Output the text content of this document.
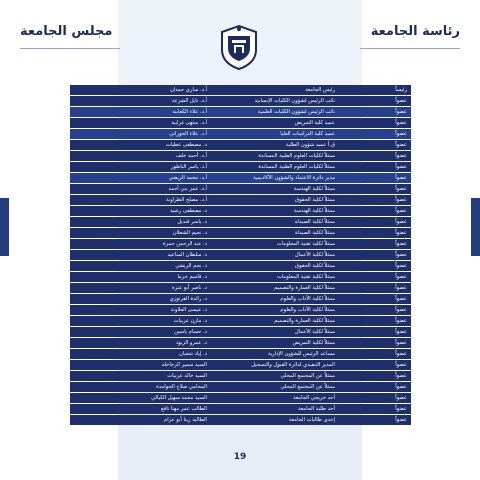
رئاسة الجامعة
مجلس الجامعة
أ.د. ساري حمدان	رئيس الجامعة	رئيساً
أ.د. نايل الشرعة	نائب الرئيس لشؤون الكليات الإنسانية	عضواً
أ.د. علاء الكعابنة	نائب الرئيس لشؤون الكليات العلمية	عضواً
أ.د. منتهى غرايبة	عميد كلية التمريض	عضواً
أ.د. علاء الحوراني	عميد كلية الدراسات العليا	عضواً
د. مصطفى عطيات	ق.أ عميد شؤون الطلبة	عضواً
أ.د. أحمد خلف	ممثلاً لكليات العلوم الطبية المساندة	عضواً
أ.د. ياسر الناطور	ممثلاً لكليات العلوم الطبية المساندة	عضواً
أ.د. محمد الريضي	مدير دائرة الاعتماد والشؤون الأكاديمية	عضواً
أ.د. عمر بني أحمد	ممثلاً لكلية الهندسة	عضواً
أ.د. مصلح الطراونة	ممثلاً لكلية الحقوق	عضواً
د. مصطفى رشيد	ممثلاً لكلية الهندسة	عضواً
د. ياسر قنديل	ممثلاً لكلية الصيدلة	عضواً
د. نجيم الشعلان	ممثلاً لكلية الصيدلة	عضواً
د. عبد الرحمن حمزة	ممثلاً لكلية تقنية المعلومات	عضواً
د. سلطان المناعيد	ممثلاً لكلية الأعمال	عضواً
د. نجم الريشي	ممثلاً لكلية الحقوق	عضواً
د. قاسم خرما	ممثلاً لكلية تقنية المعلومات	عضواً
د. ناصر أبو عنزة	ممثلاً لكلية العمارة والتصميم	عضواً
د. رائدة الفرتوزي	ممثلاً لكلية الآداب والعلوم	عضواً
د. عيسى العلاونة	ممثلاً لكلية الآداب والعلوم	عضواً
د. مازن عربيات	ممثلاً لكلية العمارة والتصميم	عضواً
د. حسام ياسين	ممثلاً لكلية الأعمال	عضواً
د. عمرو الزيود	ممثلاً لكلية التمريض	عضواً
د. إياد شعبان	مساعد الرئيس للشؤون الإدارية	عضواً
السيد سمير الرجاحلة	المدير التنفيذي لدائرة القبول والتسجيل	عضواً
السيد خالد عربيات	ممثلاً عن المجتمع المحلي	عضواً
المحامي صلاح الحوامدة	ممثلاً عن المجتمع المحلي	عضواً
السيد محمد سهيل الكيالي	أحد خريجي الجامعة	عضواً
الطالب عمر مهنا نافع	أحد طلبة الجامعة	عضواً
الطالبة زينا أبو عزام	إحدى طالبات الجامعة	عضواً
19
